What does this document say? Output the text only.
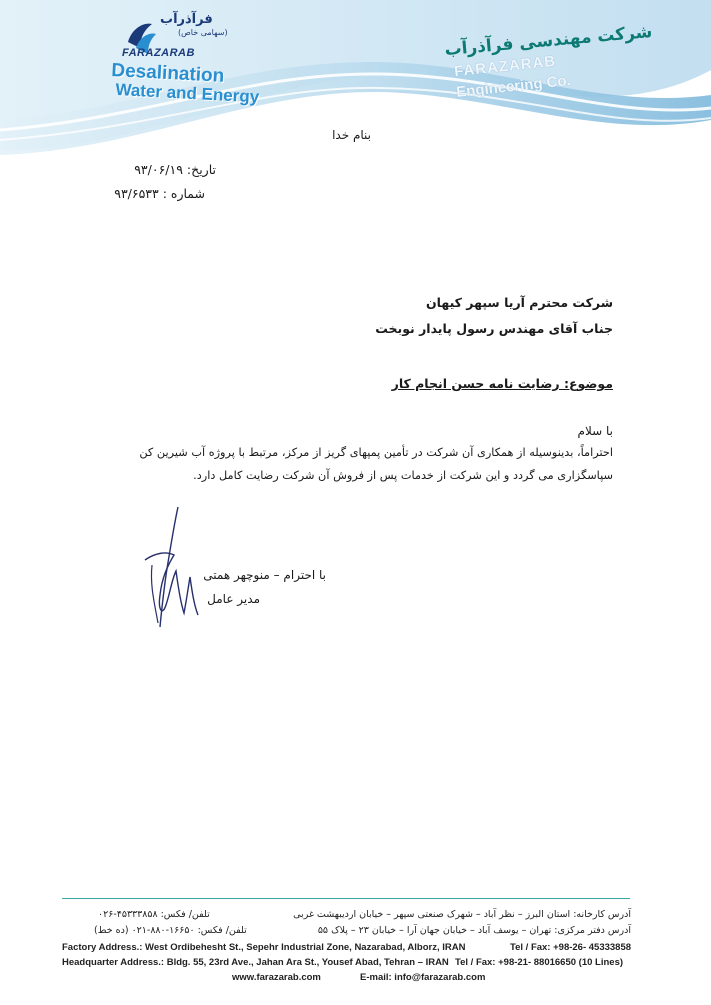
فرآذرآب
(سهامی خاص)
FARAZARAB
Desalination
Water and Energy
شرکت مهندسی فرآذرآب
FARAZARAB
Engineering Co.
بنام خدا
تاریخ: ۹۳/۰۶/۱۹
شماره : ۹۳/۶۵۳۳
شرکت محترم آریا سپهر کیهان
جناب آقای مهندس رسول پایدار نوبخت
موضوع: رضایت نامه حسن انجام کار
با سلام
احتراماً، بدینوسیله از همکاری آن شرکت در تأمین پمپهای گریز از مرکز، مرتبط با پروژه آب شیرین کن
سپاسگزاری می گردد و این شرکت از خدمات پس از فروش آن شرکت رضایت کامل دارد.
با احترام – منوچهر همتی
مدیر عامل
آدرس کارخانه: استان البرز – نظر آباد – شهرک صنعتی سپهر – خیابان اردیبهشت غربی
تلفن/ فکس: ۴۵۳۳۳۸۵۸-۰۲۶
آدرس دفتر مرکزی: تهران – یوسف آباد – خیابان جهان آرا – خیابان ۲۳ – پلاک ۵۵
تلفن/ فکس: ۱۶۶۵۰-۸۸۰-۰۲۱ (ده خط)
Factory Address.: West Ordibehesht St., Sepehr Industrial Zone, Nazarabad, Alborz, IRAN	Tel / Fax: +98-26- 45333858
Headquarter Address.: Bldg. 55, 23rd Ave., Jahan Ara St., Yousef Abad, Tehran – IRAN Tel / Fax: +98-21- 88016650 (10 Lines)
www.farazarab.com	E-mail: info@farazarab.com
